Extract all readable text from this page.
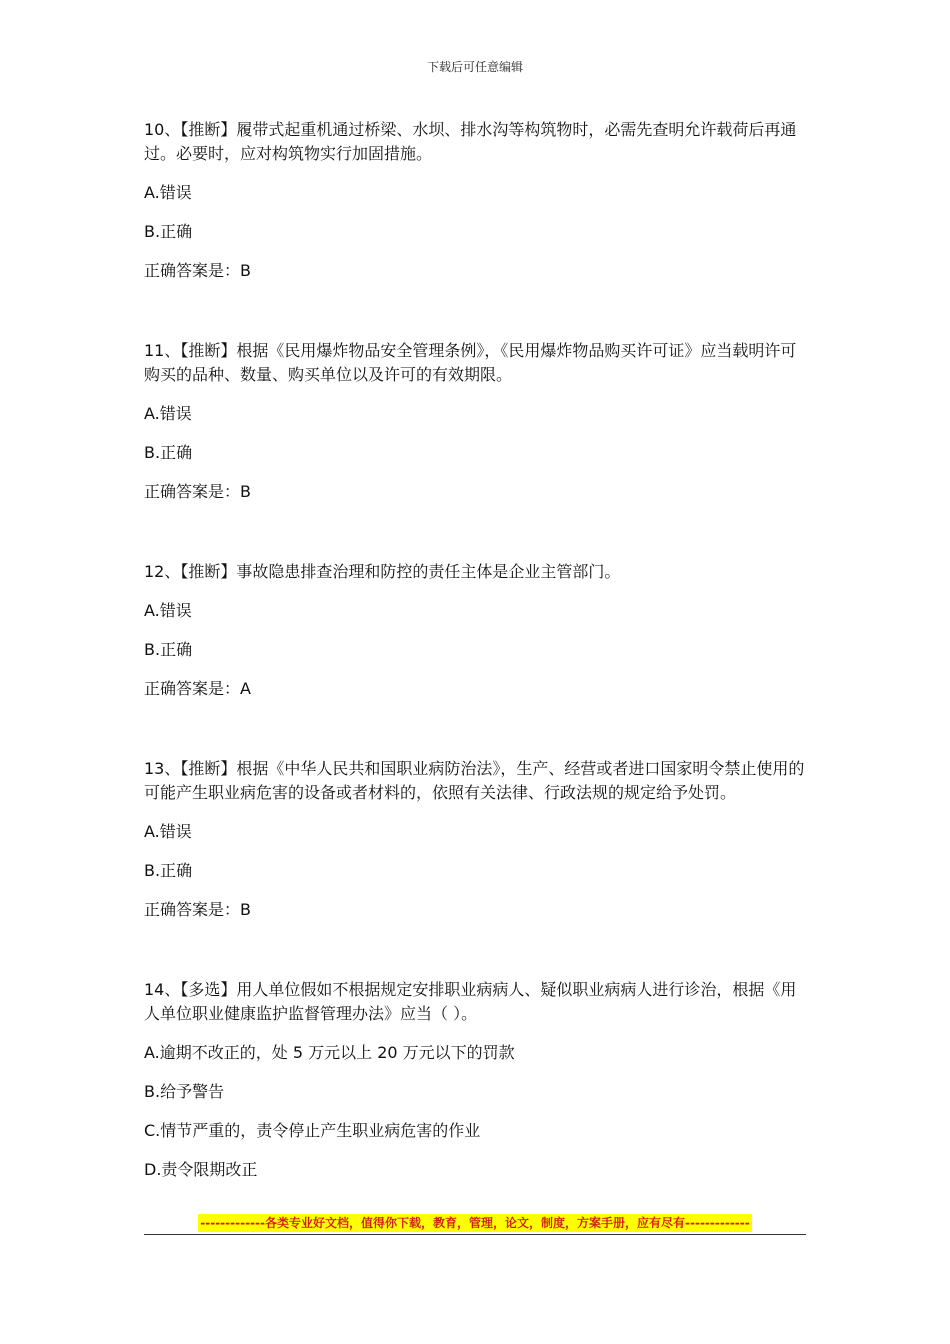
下载后可任意编辑

10、【推断】履带式起重机通过桥梁、水坝、排水沟等构筑物时，必需先查明允许载荷后再通过。必要时，应对构筑物实行加固措施。

A.错误

B.正确

正确答案是：B

11、【推断】根据《民用爆炸物品安全管理条例》，《民用爆炸物品购买许可证》应当载明许可购买的品种、数量、购买单位以及许可的有效期限。

A.错误

B.正确

正确答案是：B

12、【推断】事故隐患排查治理和防控的责任主体是企业主管部门。

A.错误

B.正确

正确答案是：A

13、【推断】根据《中华人民共和国职业病防治法》，生产、经营或者进口国家明令禁止使用的可能产生职业病危害的设备或者材料的，依照有关法律、行政法规的规定给予处罚。

A.错误

B.正确

正确答案是：B

14、【多选】用人单位假如不根据规定安排职业病病人、疑似职业病病人进行诊治，根据《用人单位职业健康监护监督管理办法》应当（ ）。

A.逾期不改正的，处 5 万元以上 20 万元以下的罚款

B.给予警告

C.情节严重的，责令停止产生职业病危害的作业

D.责令限期改正

-------------各类专业好文档，值得你下载，教育，管理，论文，制度，方案手册，应有尽有-------------
